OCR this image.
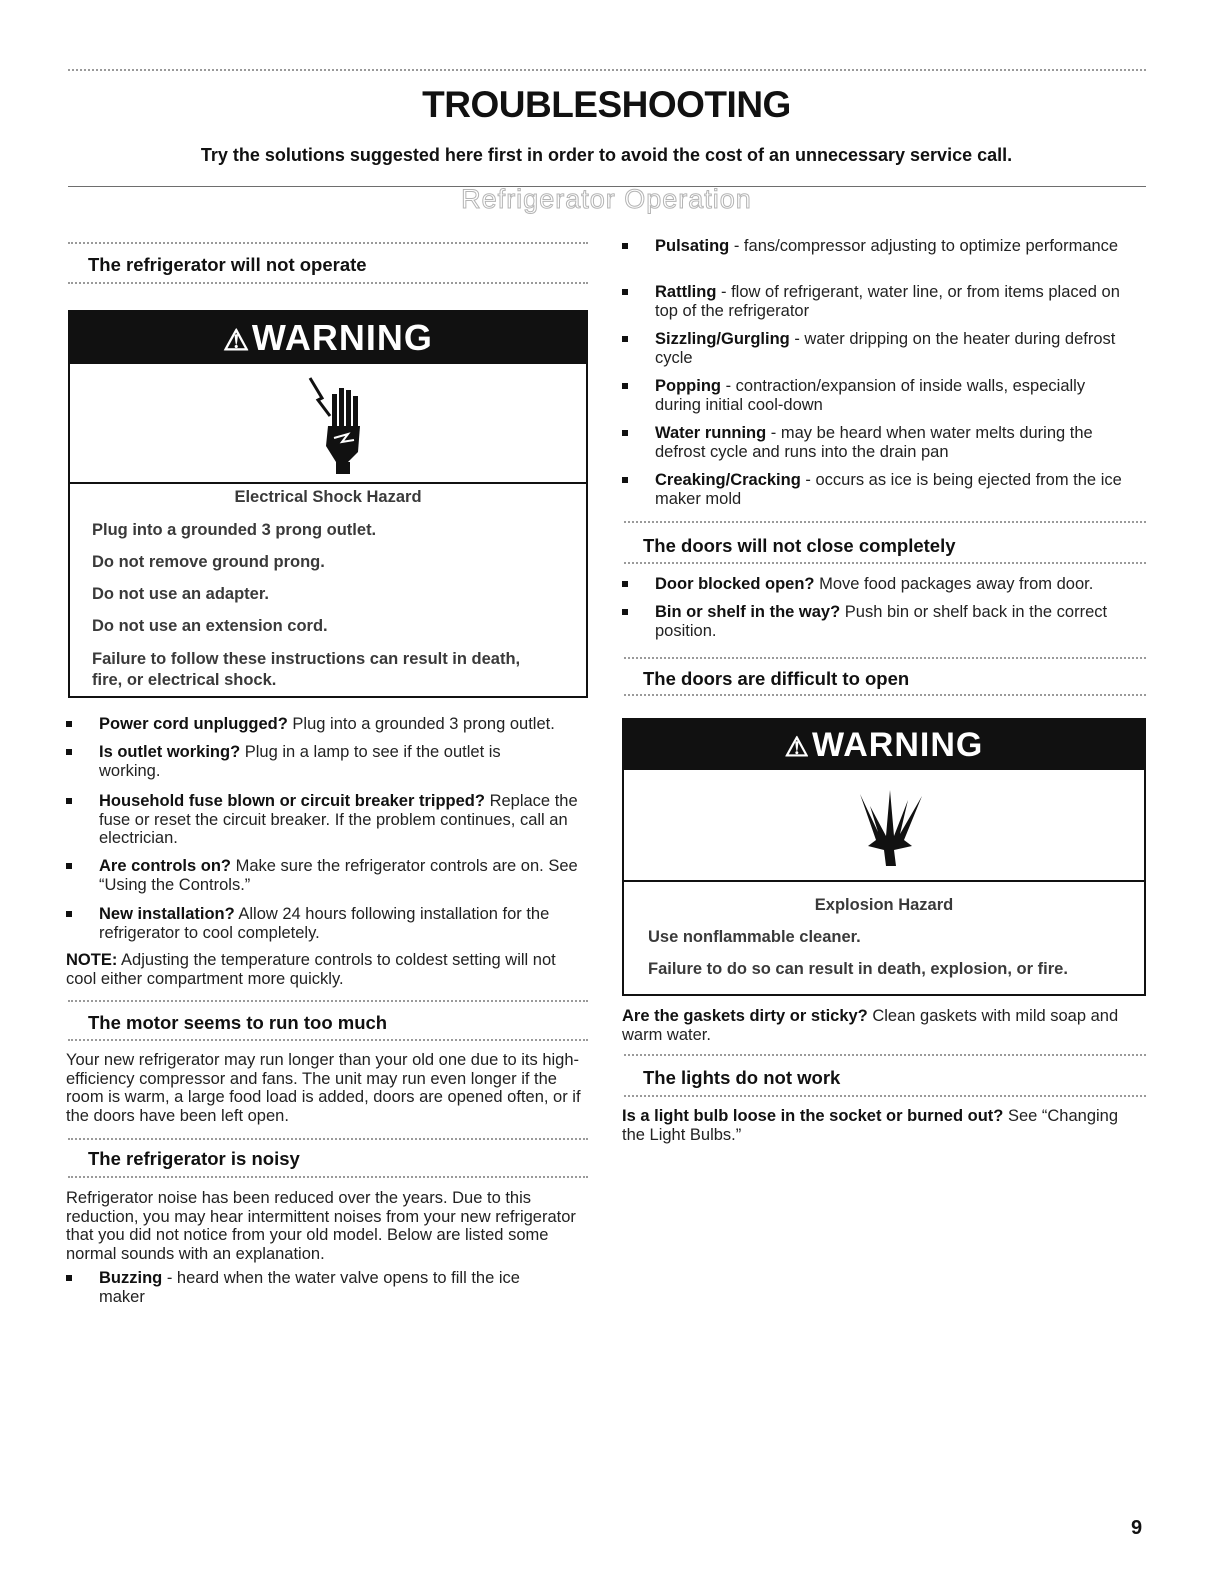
TROUBLESHOOTING
Try the solutions suggested here first in order to avoid the cost of an unnecessary service call.
Refrigerator Operation
The refrigerator will not operate
⚠WARNING
Electrical Shock Hazard
Plug into a grounded 3 prong outlet.
Do not remove ground prong.
Do not use an adapter.
Do not use an extension cord.
Failure to follow these instructions can result in death,
fire, or electrical shock.
Power cord unplugged? Plug into a grounded 3 prong outlet.
Is outlet working? Plug in a lamp to see if the outlet is working.
Household fuse blown or circuit breaker tripped? Replace the fuse or reset the circuit breaker. If the problem continues, call an electrician.
Are controls on? Make sure the refrigerator controls are on. See “Using the Controls.”
New installation? Allow 24 hours following installation for the refrigerator to cool completely.
NOTE: Adjusting the temperature controls to coldest setting will not cool either compartment more quickly.
The motor seems to run too much
Your new refrigerator may run longer than your old one due to its high-efficiency compressor and fans. The unit may run even longer if the room is warm, a large food load is added, doors are opened often, or if the doors have been left open.
The refrigerator is noisy
Refrigerator noise has been reduced over the years. Due to this reduction, you may hear intermittent noises from your new refrigerator that you did not notice from your old model. Below are listed some normal sounds with an explanation.
Buzzing - heard when the water valve opens to fill the ice maker
Pulsating - fans/compressor adjusting to optimize performance
Rattling - flow of refrigerant, water line, or from items placed on top of the refrigerator
Sizzling/Gurgling - water dripping on the heater during defrost cycle
Popping - contraction/expansion of inside walls, especially during initial cool-down
Water running - may be heard when water melts during the defrost cycle and runs into the drain pan
Creaking/Cracking - occurs as ice is being ejected from the ice maker mold
The doors will not close completely
Door blocked open? Move food packages away from door.
Bin or shelf in the way? Push bin or shelf back in the correct position.
The doors are difficult to open
⚠WARNING
Explosion Hazard
Use nonflammable cleaner.
Failure to do so can result in death, explosion, or fire.
Are the gaskets dirty or sticky? Clean gaskets with mild soap and warm water.
The lights do not work
Is a light bulb loose in the socket or burned out? See “Changing the Light Bulbs.”
9
